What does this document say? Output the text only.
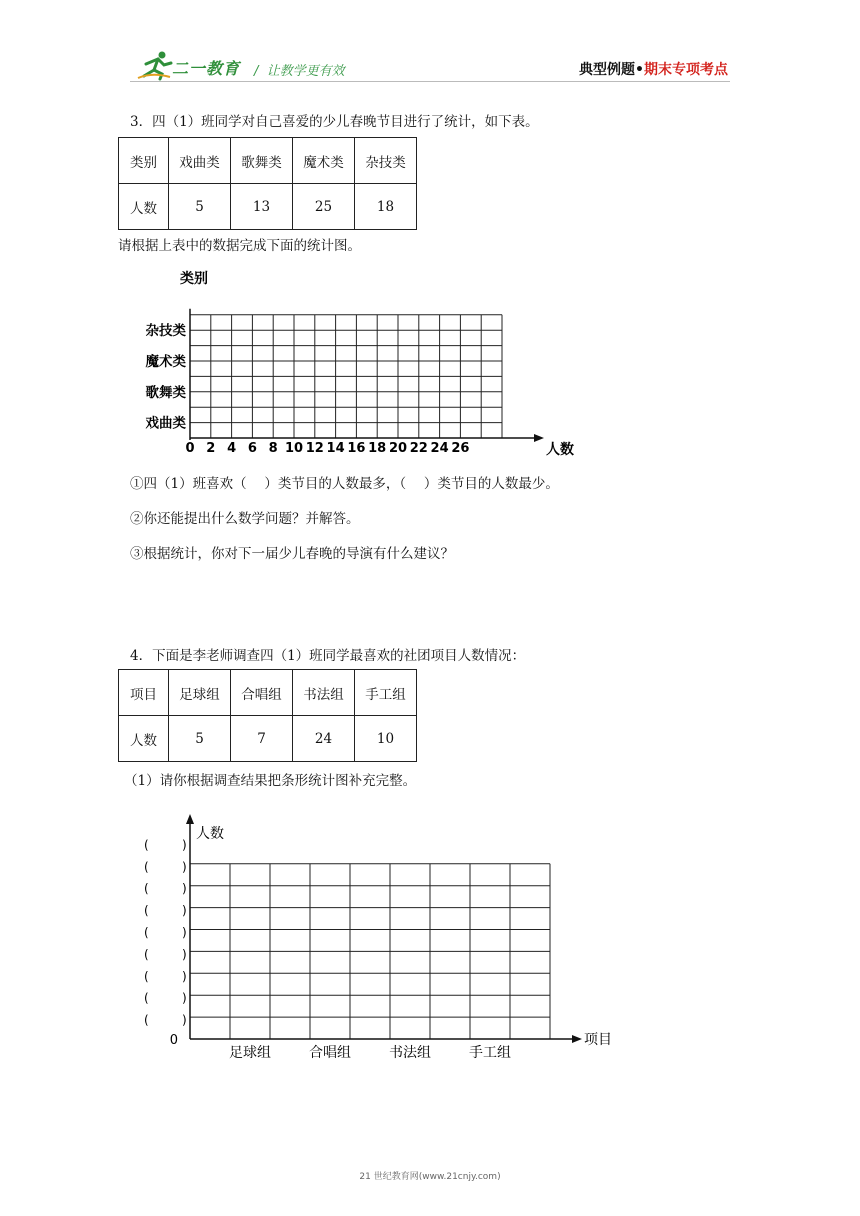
二一教育 / 让教学更有效	典型例题•期末专项考点
3．四（1）班同学对自己喜爱的少儿春晚节目进行了统计，如下表。
类别	戏曲类	歌舞类	魔术类	杂技类
人数	5	13	25	18
请根据上表中的数据完成下面的统计图。
类别
人数
杂技类
魔术类
歌舞类
戏曲类
0 2 4 6 8 10 12 14 16 18 20 22 24 26
①四（1）班喜欢（　 ）类节目的人数最多，（　 ）类节目的人数最少。
②你还能提出什么数学问题？并解答。
③根据统计，你对下一届少儿春晚的导演有什么建议？
4．下面是李老师调查四（1）班同学最喜欢的社团项目人数情况：
项目	足球组	合唱组	书法组	手工组
人数	5	7	24	10
（1）请你根据调查结果把条形统计图补充完整。
人数
项目
0
(	)
(	)
(	)
(	)
(	)
(	)
(	)
(	)
(	)
足球组	合唱组	书法组	手工组
21 世纪教育网(www.21cnjy.com)
